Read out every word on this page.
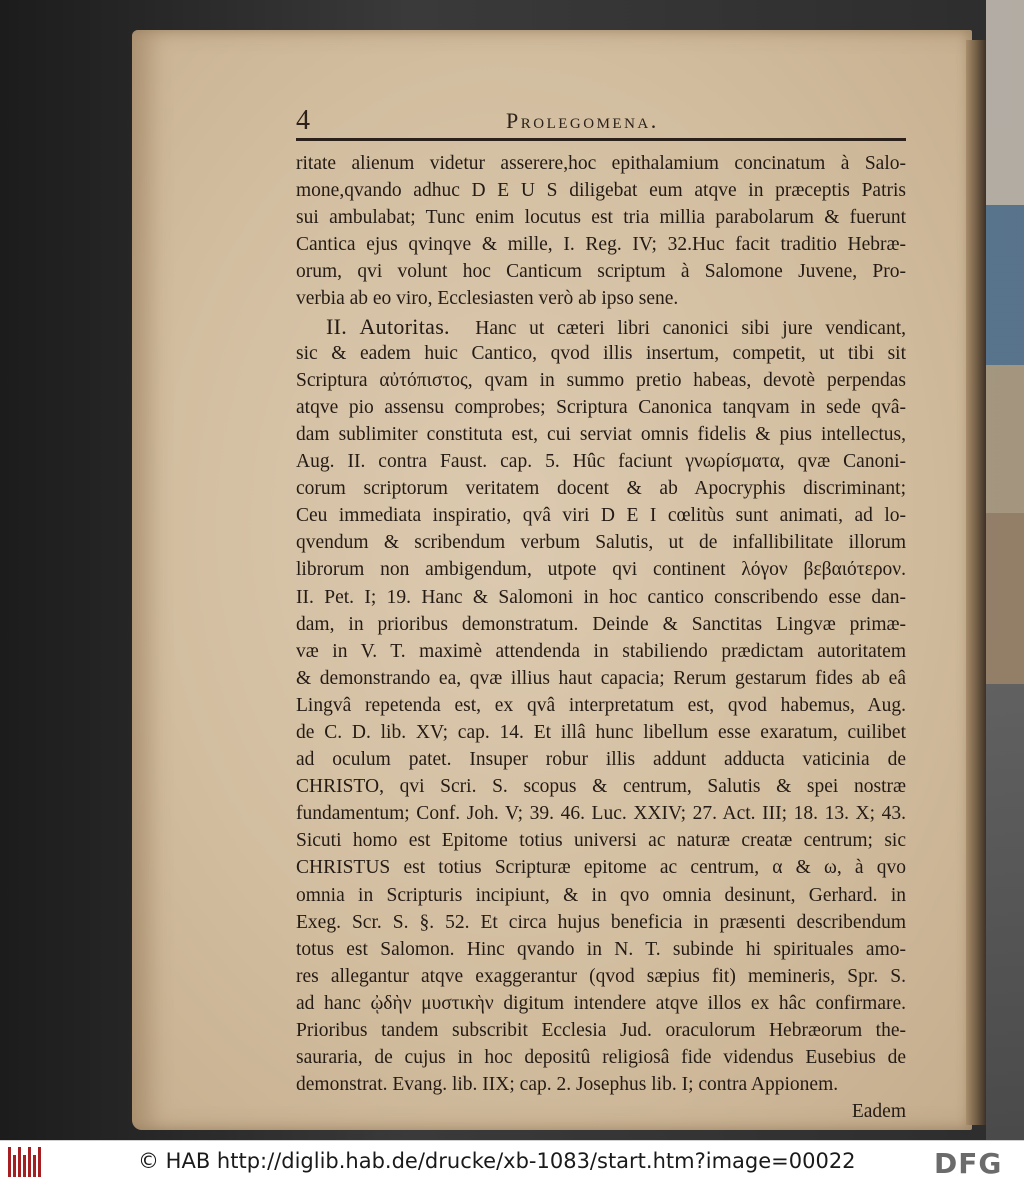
4	Prolegomena.
ritate alienum videtur asserere,hoc epithalamium concinatum à Salo-
mone,qvando adhuc D E U S diligebat eum atqve in præceptis Patris
sui ambulabat; Tunc enim locutus est tria millia parabolarum & fuerunt
Cantica ejus qvinqve & mille, I. Reg. IV; 32.Huc facit traditio Hebræ-
orum, qvi volunt hoc Canticum scriptum à Salomone Juvene, Pro-
verbia ab eo viro, Ecclesiasten verò ab ipso sene.
II. Autoritas. Hanc ut cæteri libri canonici sibi jure vendicant,
sic & eadem huic Cantico, qvod illis insertum, competit, ut tibi sit
Scriptura αὐτόπιστος, qvam in summo pretio habeas, devotè perpendas
atqve pio assensu comprobes; Scriptura Canonica tanqvam in sede qvâ-
dam sublimiter constituta est, cui serviat omnis fidelis & pius intellectus,
Aug. II. contra Faust. cap. 5. Hûc faciunt γνωρίσματα, qvæ Canoni-
corum scriptorum veritatem docent & ab Apocryphis discriminant;
Ceu immediata inspiratio, qvâ viri D E I cœlitùs sunt animati, ad lo-
qvendum & scribendum verbum Salutis, ut de infallibilitate illorum
librorum non ambigendum, utpote qvi continent λόγον βεβαιότερον.
II. Pet. I; 19. Hanc & Salomoni in hoc cantico conscribendo esse dan-
dam, in prioribus demonstratum. Deinde & Sanctitas Lingvæ primæ-
væ in V. T. maximè attendenda in stabiliendo prædictam autoritatem
& demonstrando ea, qvæ illius haut capacia; Rerum gestarum fides ab eâ
Lingvâ repetenda est, ex qvâ interpretatum est, qvod habemus, Aug.
de C. D. lib. XV; cap. 14. Et illâ hunc libellum esse exaratum, cuilibet
ad oculum patet. Insuper robur illis addunt adducta vaticinia de
CHRISTO, qvi Scri. S. scopus & centrum, Salutis & spei nostræ
fundamentum; Conf. Joh. V; 39. 46. Luc. XXIV; 27. Act. III; 18. 13. X; 43.
Sicuti homo est Epitome totius universi ac naturæ creatæ centrum; sic
CHRISTUS est totius Scripturæ epitome ac centrum, α & ω, à qvo
omnia in Scripturis incipiunt, & in qvo omnia desinunt, Gerhard. in
Exeg. Scr. S. §. 52. Et circa hujus beneficia in præsenti describendum
totus est Salomon. Hinc qvando in N. T. subinde hi spirituales amo-
res allegantur atqve exaggerantur (qvod sæpius fit) memineris, Spr. S.
ad hanc ᾠδὴν μυστικὴν digitum intendere atqve illos ex hâc confirmare.
Prioribus tandem subscribit Ecclesia Jud. oraculorum Hebræorum the-
sauraria, de cujus in hoc depositû religiosâ fide videndus Eusebius de
demonstrat. Evang. lib. IIX; cap. 2. Josephus lib. I; contra Appionem.
Eadem
© HAB http://diglib.hab.de/drucke/xb-1083/start.htm?image=00022	DFG
